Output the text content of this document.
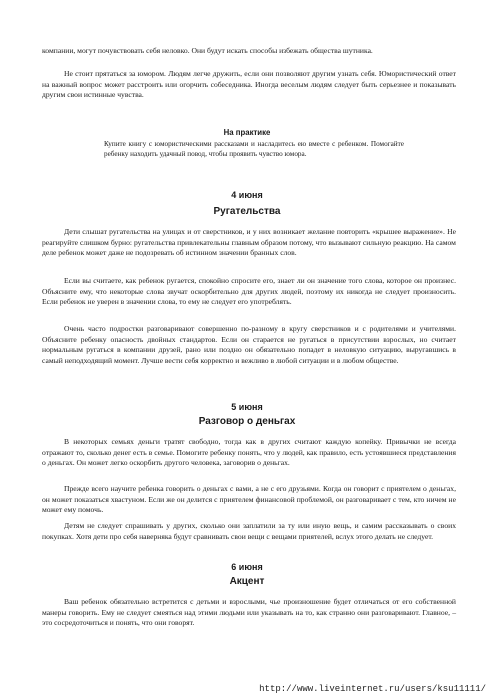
компании, могут почувствовать себя неловко. Они будут искать способы избежать общества шутника.

Не стоит прятаться за юмором. Людям легче дружить, если они позволяют другим узнать себя. Юмористический ответ на важный вопрос может расстроить или огорчить собеседника. Иногда веселым людям следует быть серьезнее и показывать другим свои истинные чувства.

На практике

Купите книгу с юмористическими рассказами и насладитесь ею вместе с ребенком. Помогайте ребенку находить удачный повод, чтобы проявить чувство юмора.

4 июня
Ругательства

Дети слышат ругательства на улицах и от сверстников, и у них возникает желание повторить «крышее выражение». Не реагируйте слишком бурно: ругательства привлекательны главным образом потому, что вызывают сильную реакцию. На самом деле ребенок может даже не подозревать об истинном значении бранных слов.

Если вы считаете, как ребенок ругается, спокойно спросите его, знает ли он значение того слова, которое он произнес. Объясните ему, что некоторые слова звучат оскорбительно для других людей, поэтому их никогда не следует произносить. Если ребенок не уверен в значении слова, то ему не следует его употреблять.

Очень часто подростки разговаривают совершенно по-разному в кругу сверстников и с родителями и учителями. Объясните ребенку опасность двойных стандартов. Если он старается не ругаться в присутствии взрослых, но считает нормальным ругаться в компании друзей, рано или поздно он обязательно попадет в неловкую ситуацию, выругавшись в самый неподходящий момент. Лучше вести себя корректно и вежливо в любой ситуации и в любом обществе.

5 июня
Разговор о деньгах

В некоторых семьях деньги тратят свободно, тогда как в других считают каждую копейку. Привычки не всегда отражают то, сколько денег есть в семье. Помогите ребенку понять, что у людей, как правило, есть устоявшиеся представления о деньгах. Он может легко оскорбить другого человека, заговорив о деньгах.

Прежде всего научите ребенка говорить о деньгах с вами, а не с его друзьями. Когда он говорит с приятелем о деньгах, он может показаться хвастуном. Если же он делится с приятелем финансовой проблемой, он разговаривает с тем, кто ничем не может ему помочь.

Детям не следует спрашивать у других, сколько они заплатили за ту или иную вещь, и самим рассказывать о своих покупках. Хотя дети про себя наверняка будут сравнивать свои вещи с вещами приятелей, вслух этого делать не следует.

6 июня
Акцент

Ваш ребенок обязательно встретится с детьми и взрослыми, чье произношение будет отличаться от его собственной манеры говорить. Ему не следует смеяться над этими людьми или указывать на то, как странно они разговаривают. Главное, – это сосредоточиться и понять, что они говорят.

http://www.liveinternet.ru/users/ksu11111/
